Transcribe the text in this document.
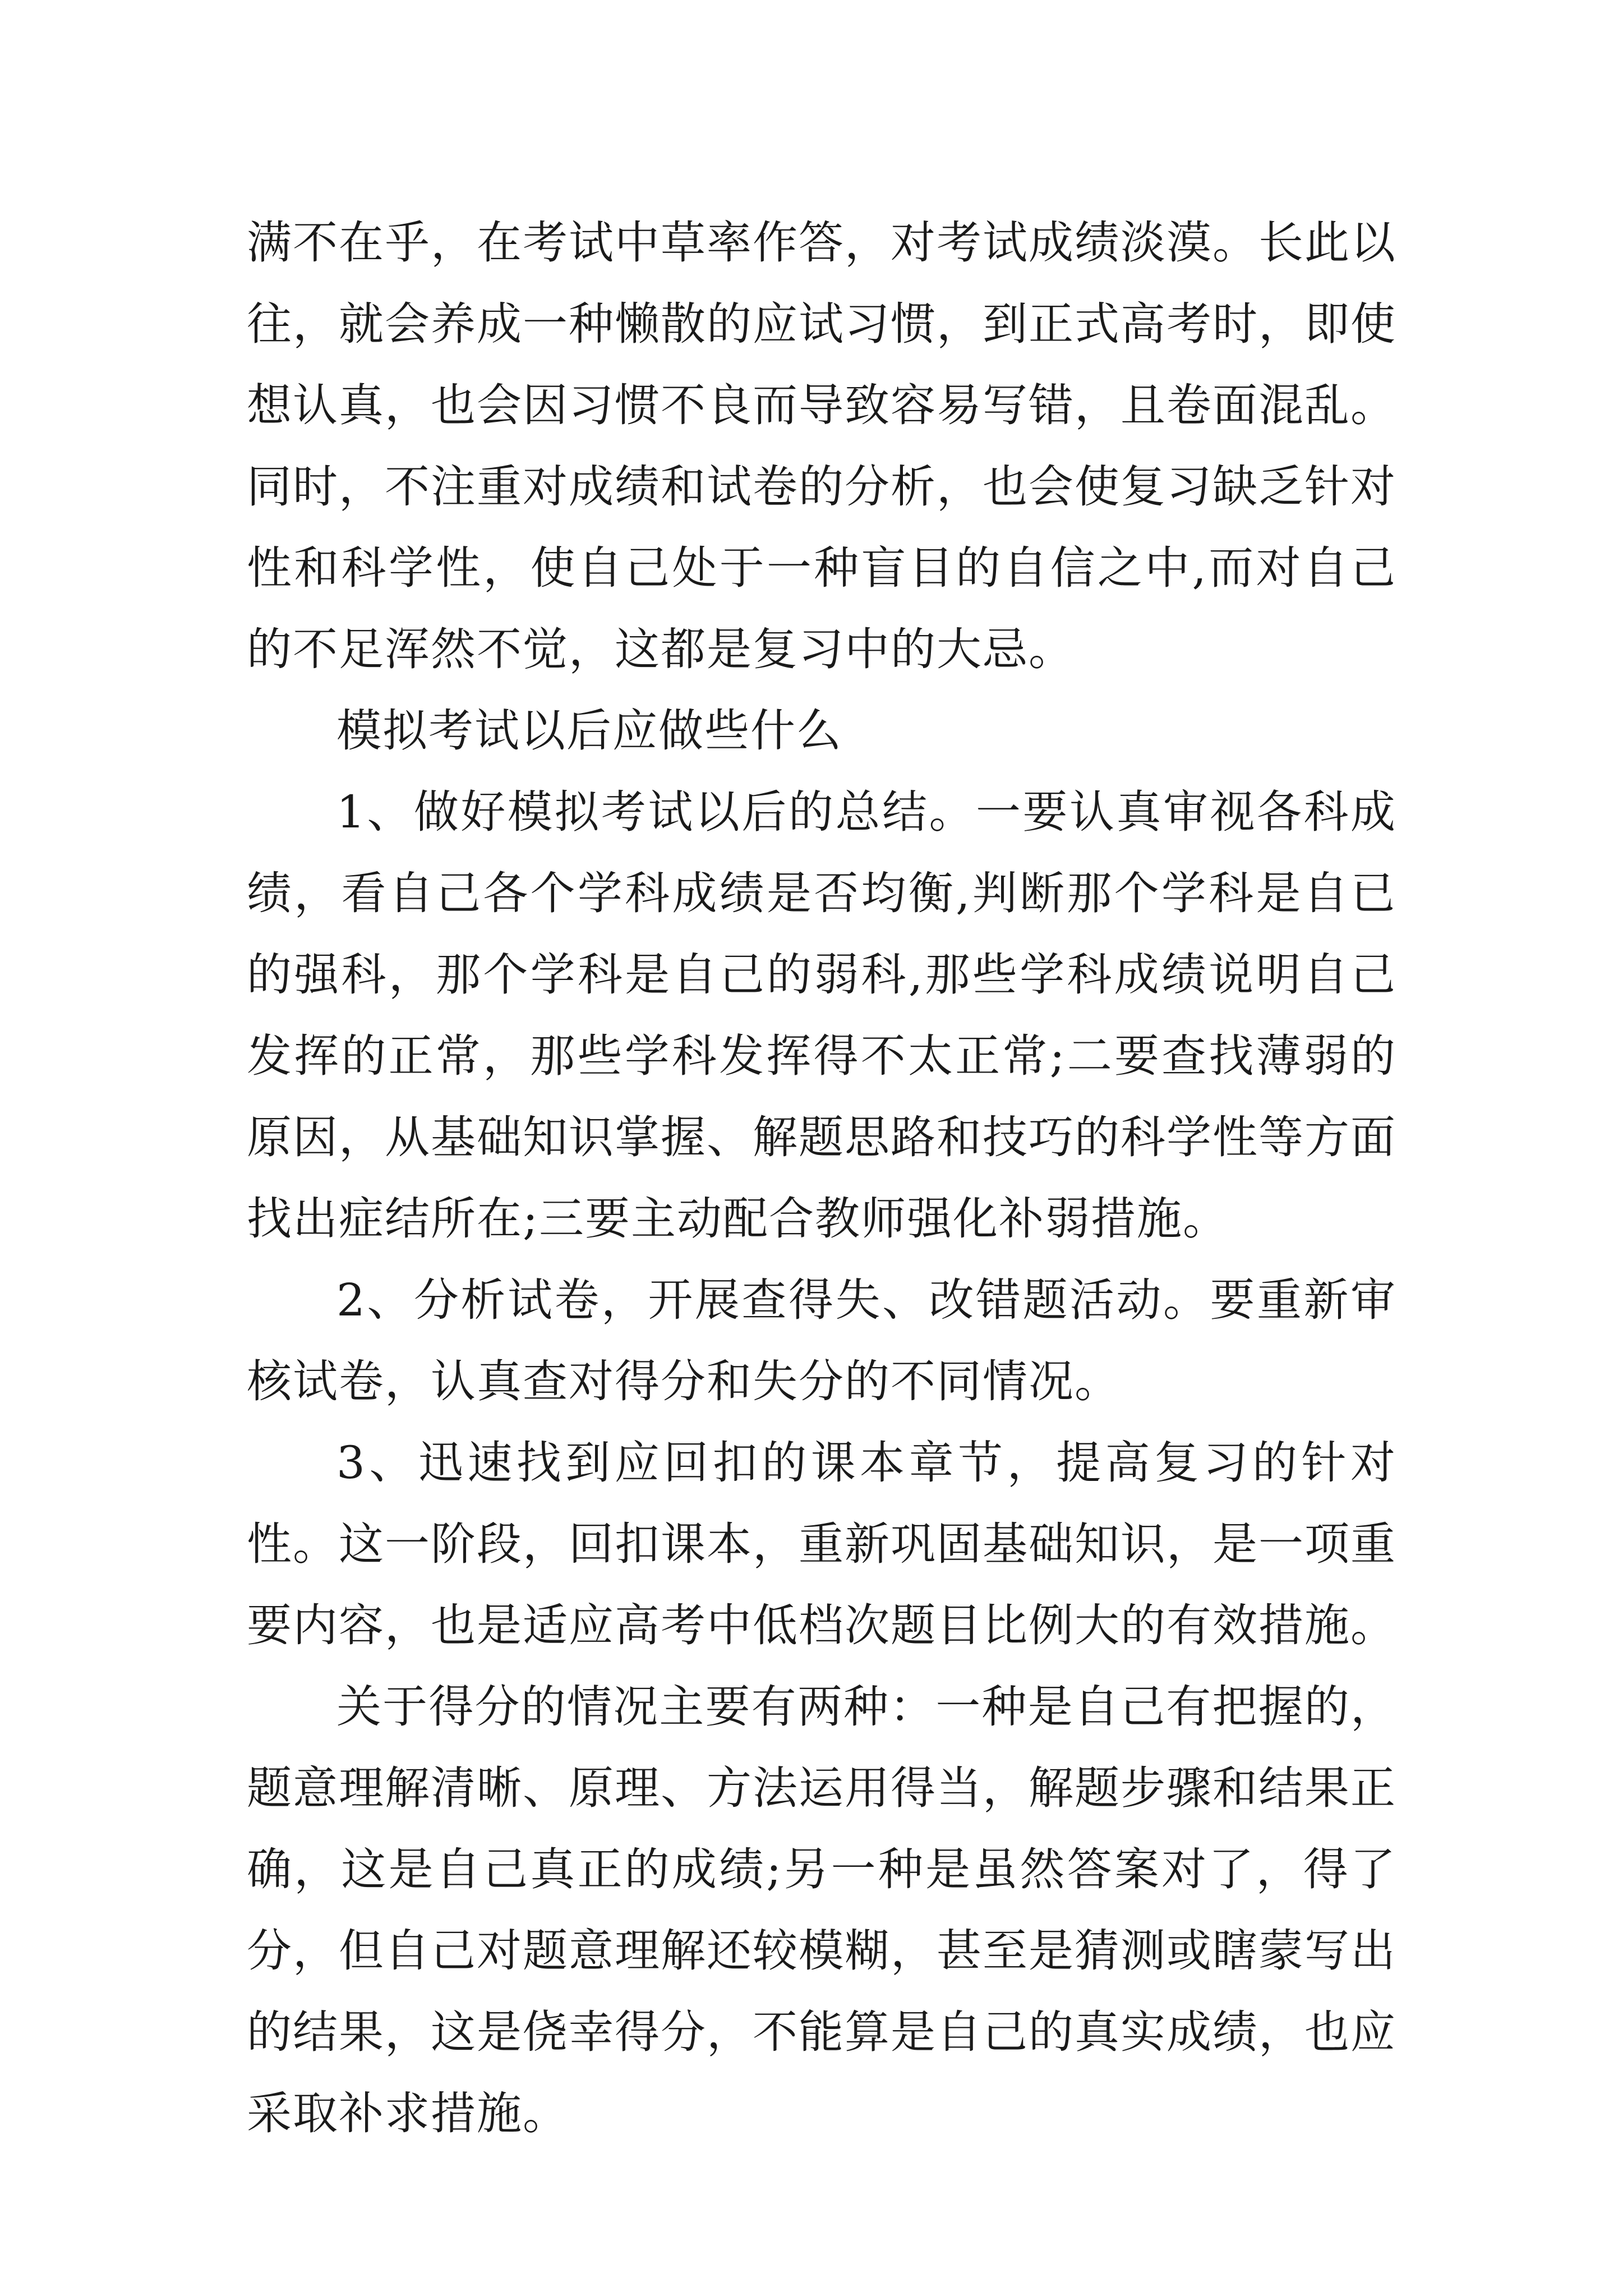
满不在乎，在考试中草率作答，对考试成绩淡漠。长此以往，就会养成一种懒散的应试习惯，到正式高考时，即使想认真，也会因习惯不良而导致容易写错，且卷面混乱。同时，不注重对成绩和试卷的分析，也会使复习缺乏针对性和科学性，使自己处于一种盲目的自信之中,而对自己的不足浑然不觉，这都是复习中的大忌。

模拟考试以后应做些什么

1、做好模拟考试以后的总结。一要认真审视各科成绩，看自己各个学科成绩是否均衡,判断那个学科是自已的强科，那个学科是自己的弱科,那些学科成绩说明自己发挥的正常，那些学科发挥得不太正常;二要查找薄弱的原因，从基础知识掌握、解题思路和技巧的科学性等方面找出症结所在;三要主动配合教师强化补弱措施。

2、分析试卷，开展查得失、改错题活动。要重新审核试卷，认真查对得分和失分的不同情况。

3、迅速找到应回扣的课本章节，提高复习的针对性。这一阶段，回扣课本，重新巩固基础知识，是一项重要内容，也是适应高考中低档次题目比例大的有效措施。

关于得分的情况主要有两种：一种是自己有把握的，题意理解清晰、原理、方法运用得当，解题步骤和结果正确，这是自己真正的成绩;另一种是虽然答案对了，得了分，但自己对题意理解还较模糊，甚至是猜测或瞎蒙写出的结果，这是侥幸得分，不能算是自己的真实成绩，也应采取补求措施。
